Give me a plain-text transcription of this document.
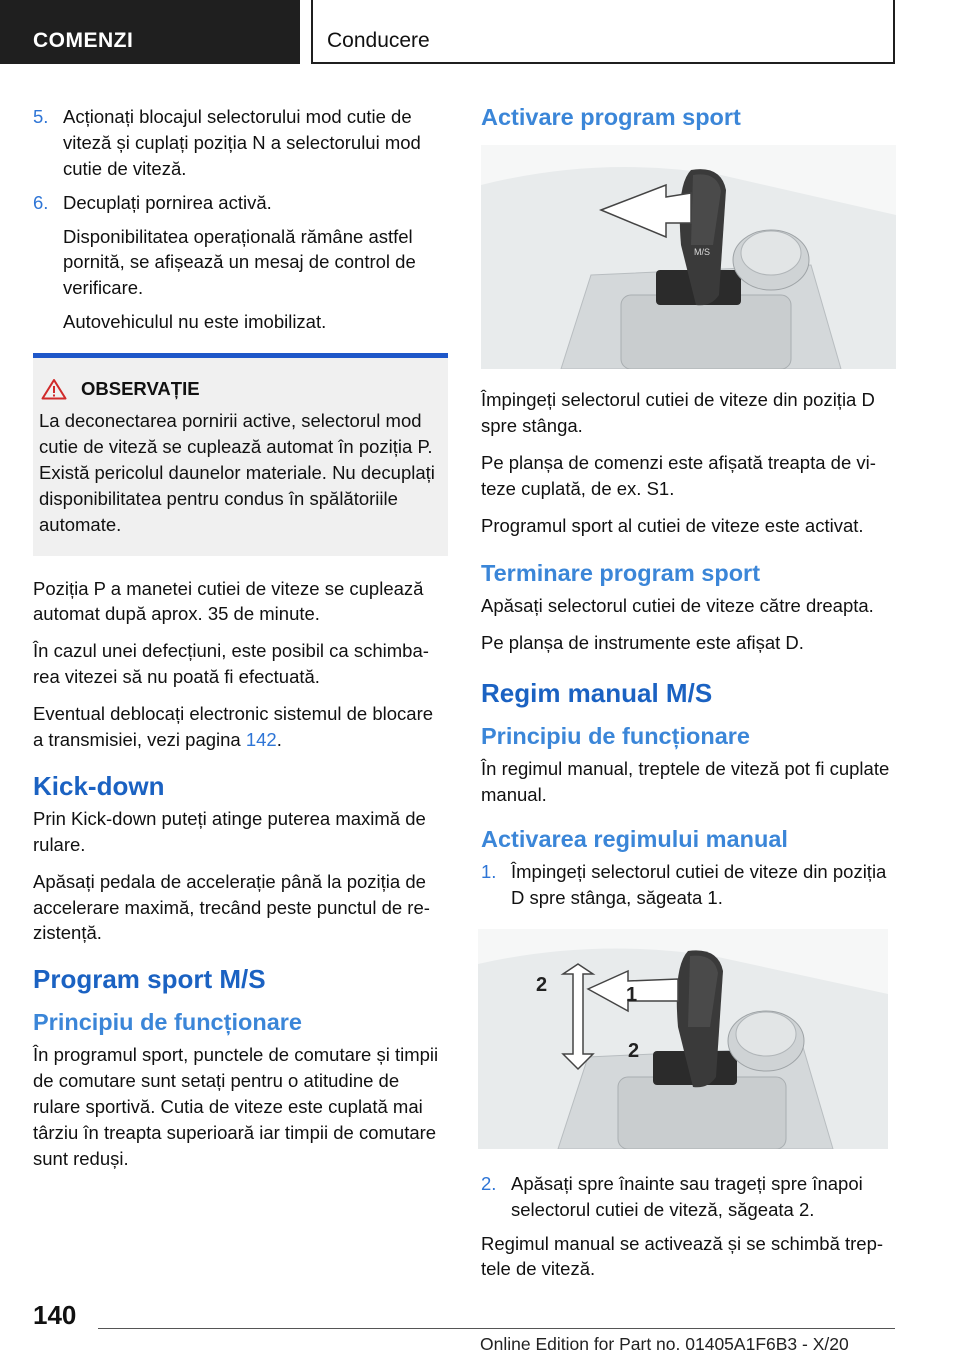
COMENZI	Conducere
5. Acționați blocajul selectorului mod cutie de viteză și cuplați poziția N a selectorului mod cutie de viteză.
6. Decuplați pornirea activă.

Disponibilitatea operațională rămâne astfel pornită, se afișează un mesaj de control de verificare.

Autovehiculul nu este imobilizat.

OBSERVAȚIE

La deconectarea pornirii active, selectorul mod cutie de viteză se cuplează automat în poziția P. Există pericolul daunelor materiale. Nu decuplați disponibilitatea pentru condus în spălătoriile automate.

Poziția P a manetei cutiei de viteze se cuplează automat după aprox. 35 de minute.

În cazul unei defecțiuni, este posibil ca schimbarea vitezei să nu poată fi efectuată.

Eventual deblocați electronic sistemul de blocare a transmisiei, vezi pagina 142.

Kick-down

Prin Kick-down puteți atinge puterea maximă de rulare.

Apăsați pedala de accelerație până la poziția de accelerare maximă, trecând peste punctul de rezistență.

Program sport M/S
Principiu de funcționare

În programul sport, punctele de comutare și timpii de comutare sunt setați pentru o atitudine de rulare sportivă. Cutia de viteze este cuplată mai târziu în treapta superioară iar timpii de comutare sunt reduși.

Activare program sport
M/S

Împingeți selectorul cutiei de viteze din poziția D spre stânga.

Pe planșa de comenzi este afișată treapta de viteze cuplată, de ex. S1.

Programul sport al cutiei de viteze este activat.

Terminare program sport

Apăsați selectorul cutiei de viteze către dreapta.

Pe planșa de instrumente este afișat D.

Regim manual M/S
Principiu de funcționare

În regimul manual, treptele de viteză pot fi cuplate manual.

Activarea regimului manual
1. Împingeți selectorul cutiei de viteze din poziția D spre stânga, săgeata 1.
1
2
2
2. Apăsați spre înainte sau trageți spre înapoi selectorul cutiei de viteză, săgeata 2.

Regimul manual se activează și se schimbă treptele de viteză.

140
Online Edition for Part no. 01405A1F6B3 - X/20
